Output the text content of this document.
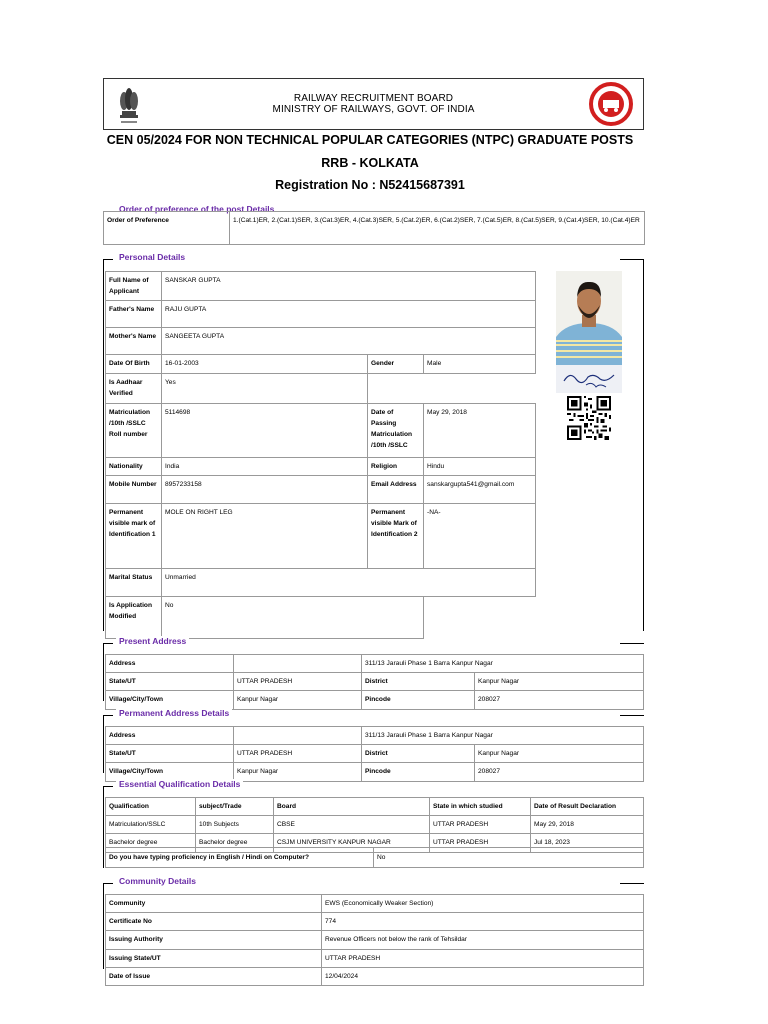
RAILWAY RECRUITMENT BOARD
MINISTRY OF RAILWAYS, GOVT. OF INDIA
CEN 05/2024 FOR NON TECHNICAL POPULAR CATEGORIES (NTPC) GRADUATE POSTS
RRB - KOLKATA
Registration No : N52415687391
Order of preference of the post Details
Order of Preference	1.(Cat.1)ER, 2.(Cat.1)SER, 3.(Cat.3)ER, 4.(Cat.3)SER, 5.(Cat.2)ER, 6.(Cat.2)SER, 7.(Cat.5)ER, 8.(Cat.5)SER, 9.(Cat.4)SER, 10.(Cat.4)ER
Personal Details
Full Name of Applicant	SANSKAR GUPTA		
Father's Name	RAJU GUPTA		
Mother's Name	SANGEETA GUPTA		
Date Of Birth	16-01-2003	Gender	Male
Is Aadhaar Verified	Yes		
Matriculation /10th /SSLC Roll number	5114698	Date of Passing Matriculation /10th /SSLC	May 29, 2018
Nationality	India	Religion	Hindu
Mobile Number	8957233158	Email Address	sanskargupta541@gmail.com
Permanent visible mark of Identification 1	MOLE ON RIGHT LEG	Permanent visible Mark of Identification 2	-NA-
Marital Status	Unmarried		
Is Application Modified	No		
Present Address
Address		311/13 Jarauli Phase 1 Barra Kanpur Nagar	
State/UT	UTTAR PRADESH	District	Kanpur Nagar
Village/City/Town	Kanpur Nagar	Pincode	208027
Permanent Address Details
Address		311/13 Jarauli Phase 1 Barra Kanpur Nagar	
State/UT	UTTAR PRADESH	District	Kanpur Nagar
Village/City/Town	Kanpur Nagar	Pincode	208027
Essential Qualification Details
Qualification	subject/Trade	Board	State in which studied	Date of Result Declaration
Matriculation/SSLC	10th Subjects	CBSE	UTTAR PRADESH	May 29, 2018
Bachelor degree	Bachelor degree	CSJM UNIVERSITY KANPUR NAGAR	UTTAR PRADESH	Jul 18, 2023
Do you have typing proficiency in English / Hindi on Computer?	No
Community Details
Community	EWS (Economically Weaker Section)
Certificate No	774
Issuing Authority	Revenue Officers not below the rank of Tehsildar
Issuing State/UT	UTTAR PRADESH
Date of Issue	12/04/2024
